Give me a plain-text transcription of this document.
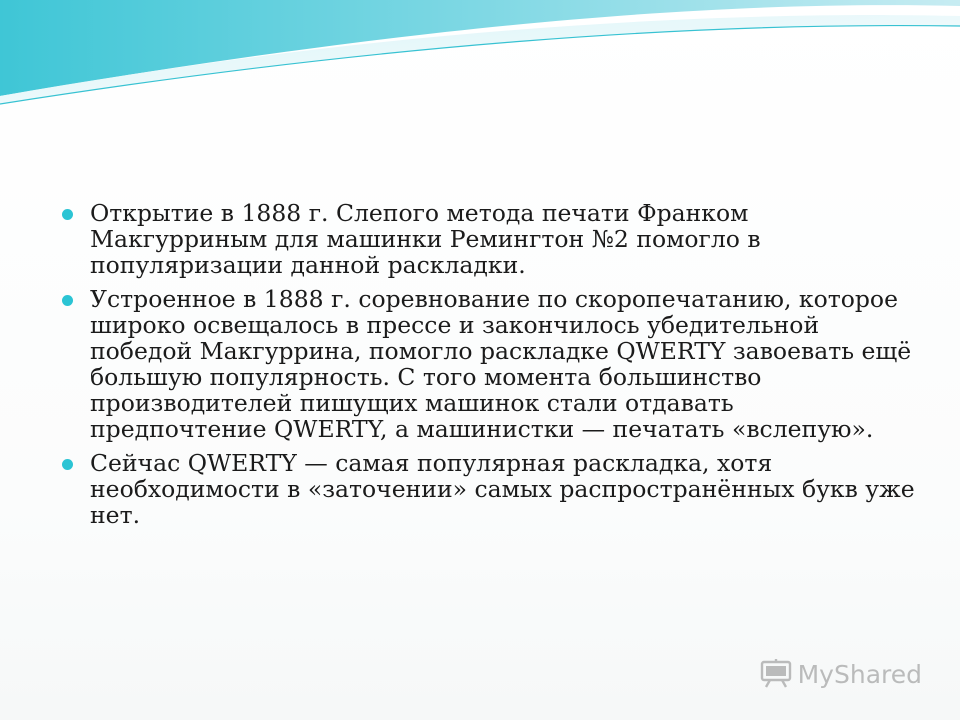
Открытие в 1888 г. Слепого метода печати Франком Макгурриным для машинки Ремингтон №2 помогло в популяризации данной раскладки.
Устроенное в 1888 г. соревнование по скоропечатанию, которое широко освещалось в прессе и закончилось убедительной победой Макгуррина, помогло раскладке QWERTY завоевать ещё большую популярность. С того момента большинство производителей пишущих машинок стали отдавать предпочтение QWERTY, а машинистки — печатать «вслепую».
Сейчас QWERTY — самая популярная раскладка, хотя необходимости в «заточении» самых распространённых букв уже нет.
MyShared
